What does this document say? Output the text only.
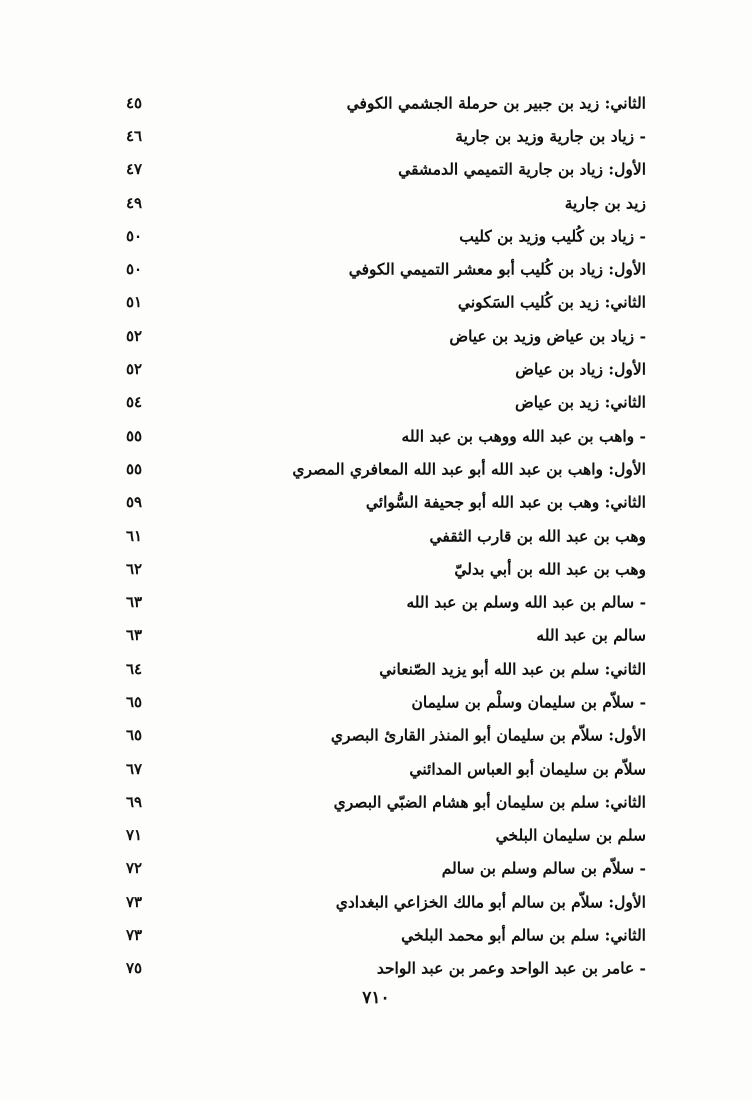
الثاني: زيد بن جبير بن حرملة الجشمي الكوفي
٤٥
- زياد بن جارية وزيد بن جارية
٤٦
الأول: زياد بن جارية التميمي الدمشقي
٤٧
زيد بن جارية
٤٩
- زياد بن كُليب وزيد بن كليب
٥٠
الأول: زياد بن كُليب أبو معشر التميمي الكوفي
٥٠
الثاني: زيد بن كُليب السَكوني
٥١
- زياد بن عياض وزيد بن عياض
٥٢
الأول: زياد بن عياض
٥٢
الثاني: زيد بن عياض
٥٤
- واهب بن عبد الله ووهب بن عبد الله
٥٥
الأول: واهب بن عبد الله أبو عبد الله المعافري المصري
٥٥
الثاني: وهب بن عبد الله أبو جحيفة السُّوائي
٥٩
وهب بن عبد الله بن قارب الثقفي
٦١
وهب بن عبد الله بن أبي بدليّ
٦٢
- سالم بن عبد الله وسلم بن عبد الله
٦٣
سالم بن عبد الله
٦٣
الثاني: سلم بن عبد الله أبو يزيد الصّنعاني
٦٤
- سلاّم بن سليمان وسلْم بن سليمان
٦٥
الأول: سلاّم بن سليمان أبو المنذر القارئ البصري
٦٥
سلاّم بن سليمان أبو العباس المدائني
٦٧
الثاني: سلم بن سليمان أبو هشام الضبّي البصري
٦٩
سلم بن سليمان البلخي
٧١
- سلاّم بن سالم وسلم بن سالم
٧٢
الأول: سلاّم بن سالم أبو مالك الخزاعي البغدادي
٧٣
الثاني: سلم بن سالم أبو محمد البلخي
٧٣
- عامر بن عبد الواحد وعمر بن عبد الواحد
٧٥
٧١٠
